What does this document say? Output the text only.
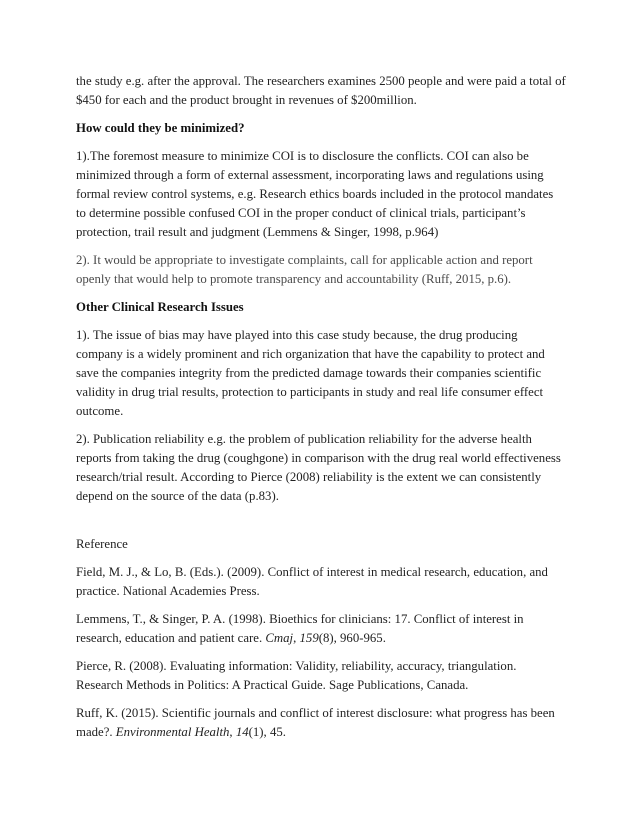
the study e.g. after the approval. The researchers examines 2500 people and were paid a total of $450 for each and the product brought in revenues of $200million.

How could they be minimized?

1).The foremost measure to minimize COI is to disclosure the conflicts. COI can also be minimized through a form of external assessment, incorporating laws and regulations using formal review control systems, e.g. Research ethics boards included in the protocol mandates to determine possible confused COI in the proper conduct of clinical trials, participant’s protection, trail result and judgment (Lemmens & Singer, 1998, p.964)

2). It would be appropriate to investigate complaints, call for applicable action and report openly that would help to promote transparency and accountability (Ruff, 2015, p.6).

Other Clinical Research Issues

1). The issue of bias may have played into this case study because, the drug producing company is a widely prominent and rich organization that have the capability to protect and save the companies integrity from the predicted damage towards their companies scientific validity in drug trial results, protection to participants in study and real life consumer effect outcome.

2). Publication reliability e.g. the problem of publication reliability for the adverse health reports from taking the drug (coughgone) in comparison with the drug real world effectiveness research/trial result. According to Pierce (2008) reliability is the extent we can consistently depend on the source of the data (p.83).

Reference

Field, M. J., & Lo, B. (Eds.). (2009). Conflict of interest in medical research, education, and practice. National Academies Press.

Lemmens, T., & Singer, P. A. (1998). Bioethics for clinicians: 17. Conflict of interest in research, education and patient care. Cmaj, 159(8), 960-965.

Pierce, R. (2008). Evaluating information: Validity, reliability, accuracy, triangulation. Research Methods in Politics: A Practical Guide. Sage Publications, Canada.

Ruff, K. (2015). Scientific journals and conflict of interest disclosure: what progress has been made?. Environmental Health, 14(1), 45.
